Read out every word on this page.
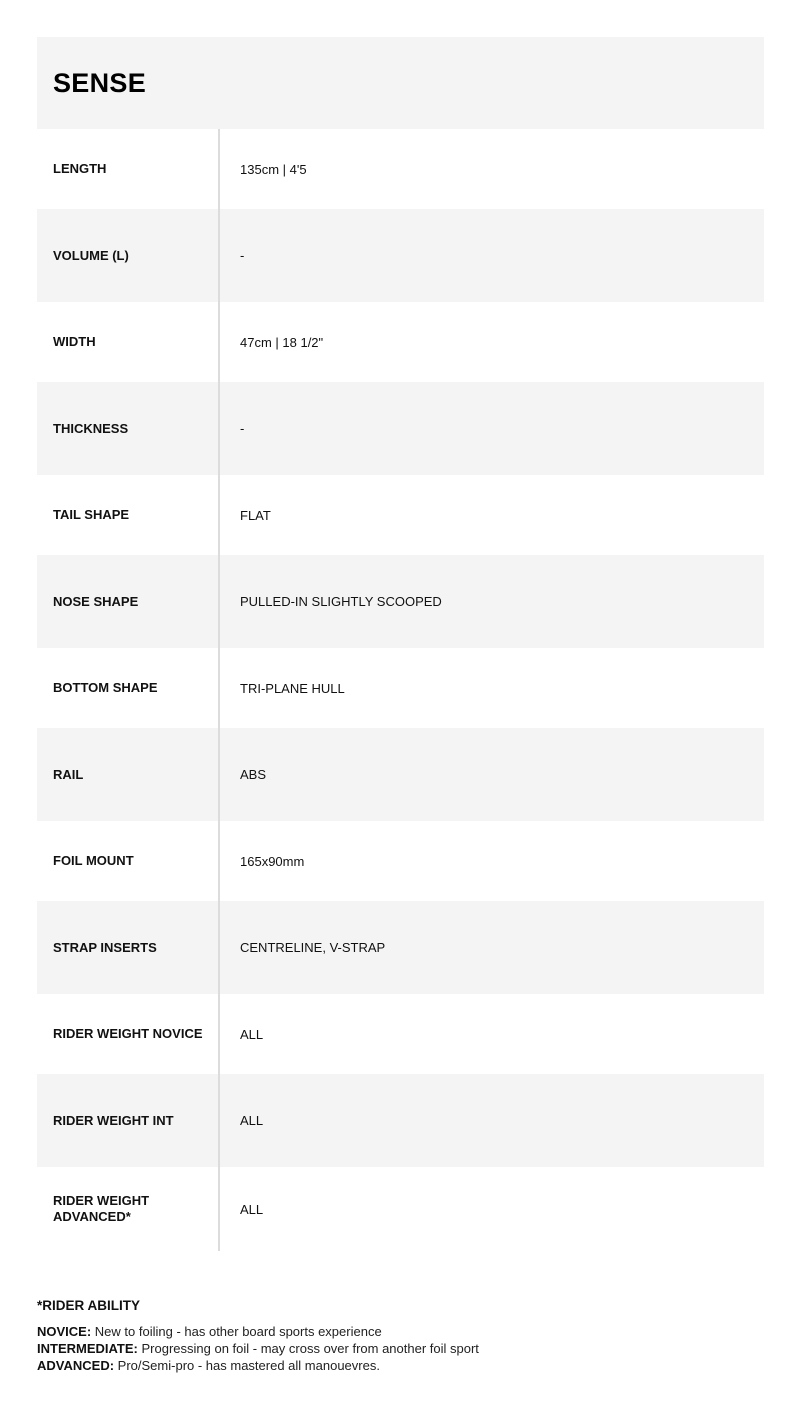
SENSE
LENGTH	135cm | 4'5
VOLUME (L)	-
WIDTH	47cm | 18 1/2"
THICKNESS	-
TAIL SHAPE	FLAT
NOSE SHAPE	PULLED-IN SLIGHTLY SCOOPED
BOTTOM SHAPE	TRI-PLANE HULL
RAIL	ABS
FOIL MOUNT	165x90mm
STRAP INSERTS	CENTRELINE, V-STRAP
RIDER WEIGHT NOVICE	ALL
RIDER WEIGHT INT	ALL
RIDER WEIGHT ADVANCED*	ALL
*RIDER ABILITY
NOVICE: New to foiling - has other board sports experience
INTERMEDIATE: Progressing on foil - may cross over from another foil sport
ADVANCED: Pro/Semi-pro - has mastered all manouevres.
